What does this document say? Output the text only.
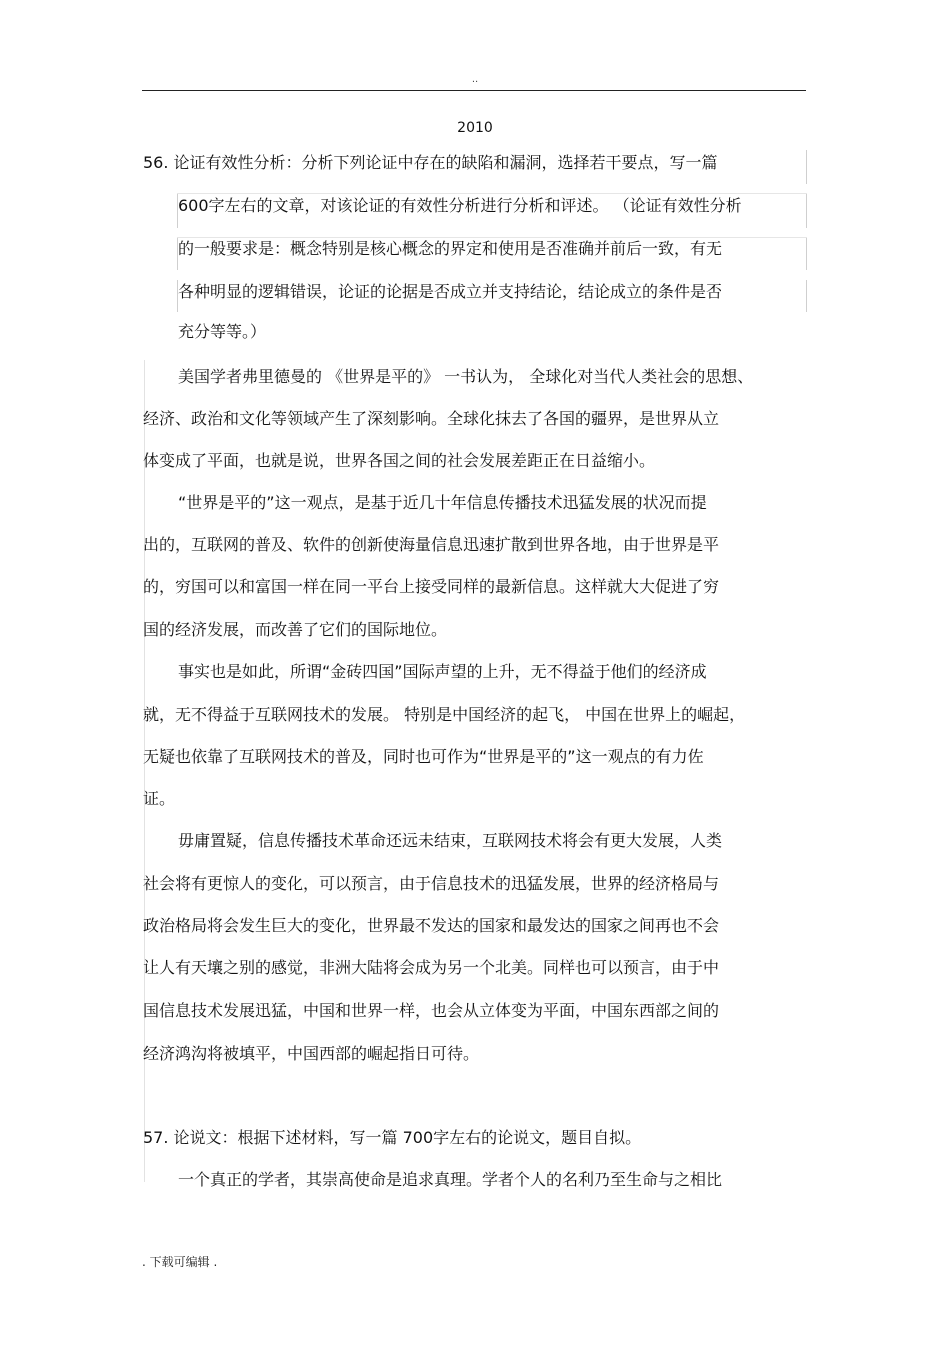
..
2010
56. 论证有效性分析：分析下列论证中存在的缺陷和漏洞，选择若干要点，写一篇
600字左右的文章，对该论证的有效性分析进行分析和评述。 （论证有效性分析
的一般要求是：概念特别是核心概念的界定和使用是否准确并前后一致，有无
各种明显的逻辑错误，论证的论据是否成立并支持结论，结论成立的条件是否
充分等等。）
美国学者弗里德曼的 《世界是平的》 一书认为， 全球化对当代人类社会的思想、
经济、政治和文化等领域产生了深刻影响。全球化抹去了各国的疆界，是世界从立
体变成了平面，也就是说，世界各国之间的社会发展差距正在日益缩小。
“世界是平的”这一观点，是基于近几十年信息传播技术迅猛发展的状况而提
出的，互联网的普及、软件的创新使海量信息迅速扩散到世界各地，由于世界是平
的，穷国可以和富国一样在同一平台上接受同样的最新信息。这样就大大促进了穷
国的经济发展，而改善了它们的国际地位。
事实也是如此，所谓“金砖四国”国际声望的上升，无不得益于他们的经济成
就，无不得益于互联网技术的发展。 特别是中国经济的起飞， 中国在世界上的崛起，
无疑也依靠了互联网技术的普及，同时也可作为“世界是平的”这一观点的有力佐
证。
毋庸置疑，信息传播技术革命还远未结束，互联网技术将会有更大发展，人类
社会将有更惊人的变化，可以预言，由于信息技术的迅猛发展，世界的经济格局与
政治格局将会发生巨大的变化，世界最不发达的国家和最发达的国家之间再也不会
让人有天壤之别的感觉，非洲大陆将会成为另一个北美。同样也可以预言，由于中
国信息技术发展迅猛，中国和世界一样，也会从立体变为平面，中国东西部之间的
经济鸿沟将被填平，中国西部的崛起指日可待。
57. 论说文：根据下述材料，写一篇 700字左右的论说文，题目自拟。
一个真正的学者，其崇高使命是追求真理。学者个人的名利乃至生命与之相比
. 下载可编辑 .
